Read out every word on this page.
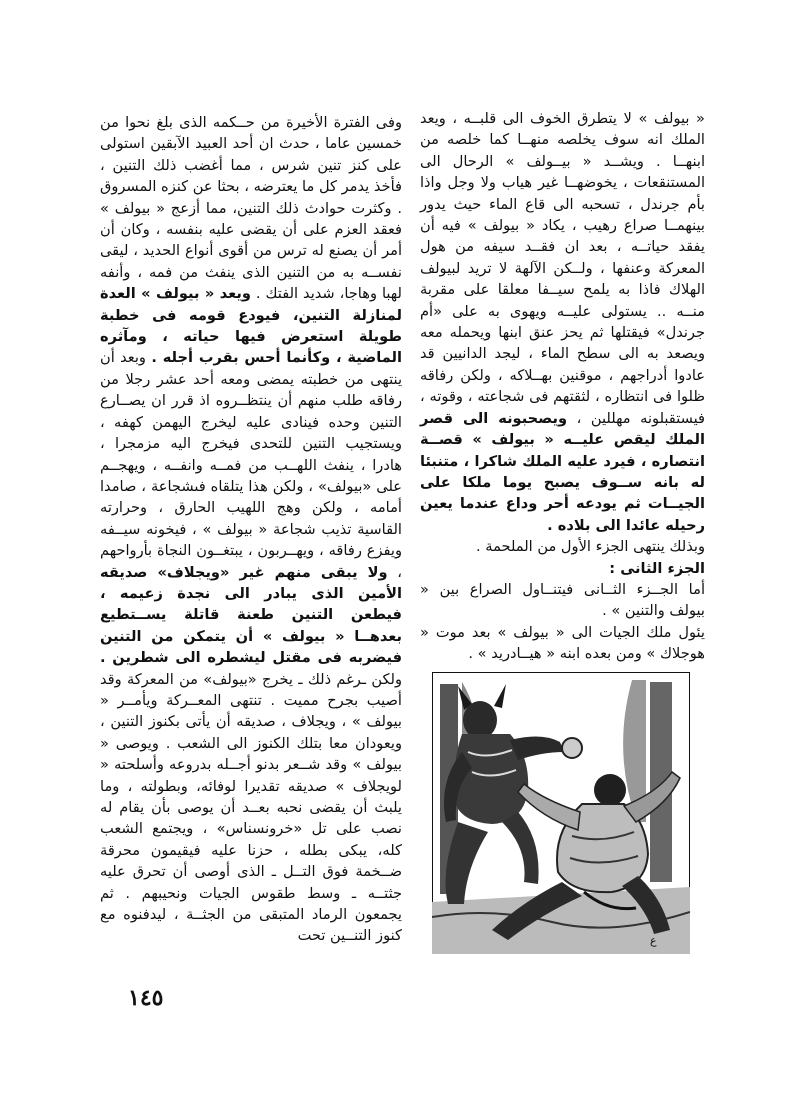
« بيولف » لا يتطرق الخوف الى قلبــه ، ويعد الملك انه سوف يخلصه منهــا كما خلصه من ابنهــا . ويشــد « بيــولف » الرحال الى المستنقعات ، يخوضهــا غير هياب ولا وجل واذا بأم جرندل ، تسحبه الى قاع الماء حيث يدور بينهمــا صراع رهيب ، يكاد « بيولف » فيه أن يفقد حياتــه ، بعد ان فقــد سيفه من هول المعركة وعنفها ، ولــكن الآلهة لا تريد لبيولف الهلاك فاذا به يلمح سيــفا معلقا على مقربة منــه .. يستولى عليــه ويهوى به على «أم جرندل» فيقتلها ثم يحز عنق ابنها ويحمله معه ويصعد به الى سطح الماء ، ليجد الدانيين قد عادوا أدراجهم ، موقنين بهــلاكه ، ولكن رفاقه ظلوا فى انتظاره ، لثقتهم فى شجاعته ، وقوته ، فيستقبلونه مهللين ، ويصحبونه الى قصر الملك ليقص عليــه « بيولف » قصــة انتصاره ، فيرد عليه الملك شاكرا ، متنبئا له بانه ســوف يصبح يوما ملكا على الجيــات ثم يودعه أحر وداع عندما يعين رحيله عائدا الى بلاده .

وبذلك ينتهى الجزء الأول من الملحمة .

الجزء الثانى :

أما الجــزء الثــانى فيتنــاول الصراع بين « بيولف والتنين » .

يئول ملك الجيات الى « بيولف » بعد موت « هوجلاك » ومن بعده ابنه « هيــادريد » .

وفى الفترة الأخيرة من حــكمه الذى بلغ نحوا من خمسين عاما ، حدث ان أحد العبيد الآبقين استولى على كنز تنين شرس ، مما أغضب ذلك التنين ، فأخذ يدمر كل ما يعترضه ، بحثا عن كنزه المسروق . وكثرت حوادث ذلك التنين، مما أزعج « بيولف » فعقد العزم على أن يقضى عليه بنفسه ، وكان أن أمر أن يصنع له ترس من أقوى أنواع الحديد ، ليقى نفســه به من التنين الذى ينفث من فمه ، وأنفه لهبا وهاجا، شديد الفتك . ويعد « بيولف » العدة لمنازلة التنين، فيودع قومه فى خطبة طويلة استعرض فيها حياته ، ومآثره الماضية ، وكأنما أحس بقرب أجله . وبعد أن ينتهى من خطبته يمضى ومعه أحد عشر رجلا من رفاقه طلب منهم أن ينتظــروه اذ قرر ان يصــارع التنين وحده فينادى عليه ليخرج اليهمن كهفه ، ويستجيب التنين للتحدى فيخرج اليه مزمجرا ، هادرا ، ينفث اللهــب من فمــه وانفــه ، ويهجــم على «بيولف» ، ولكن هذا يتلقاه فىشجاعة ، صامدا أمامه ، ولكن وهج اللهيب الحارق ، وحرارته القاسية تذيب شجاعة « بيولف » ، فيخونه سيــفه ويفزع رفاقه ، ويهــربون ، يبتغــون النجاة بأرواحهم ، ولا يبقى منهم غير «ويجلاف» صديقه الأمين الذى يبادر الى نجدة زعيمه ، فيطعن التنين طعنة قاتلة يســتطيع بعدهــا « بيولف » أن يتمكن من التنين فيضربه فى مقتل ليشطره الى شطرين . ولكن ـرغم ذلك ـ يخرج «بيولف» من المعركة وقد أصيب بجرح مميت . تنتهى المعــركة ويأمــر « بيولف » ، ويجلاف ، صديقه أن يأتى بكنوز التنين ، ويعودان معا بتلك الكنوز الى الشعب . ويوصى « بيولف » وقد شــعر بدنو أجــله بدروعه وأسلحته « لويجلاف » صديقه تقديرا لوفائه، وبطولته ، وما يلبث أن يقضى نحبه بعــد أن يوصى بأن يقام له نصب على تل «خرونسناس» ، ويجتمع الشعب كله، يبكى بطله ، حزنا عليه فيقيمون محرقة ضــخمة فوق التــل ـ الذى أوصى أن تحرق عليه جثتــه ـ وسط طقوس الجيات ونحيبهم . ثم يجمعون الرماد المتبقى من الجثــة ، ليدفنوه مع كنوز التنــين تحت	ع
١٤٥
